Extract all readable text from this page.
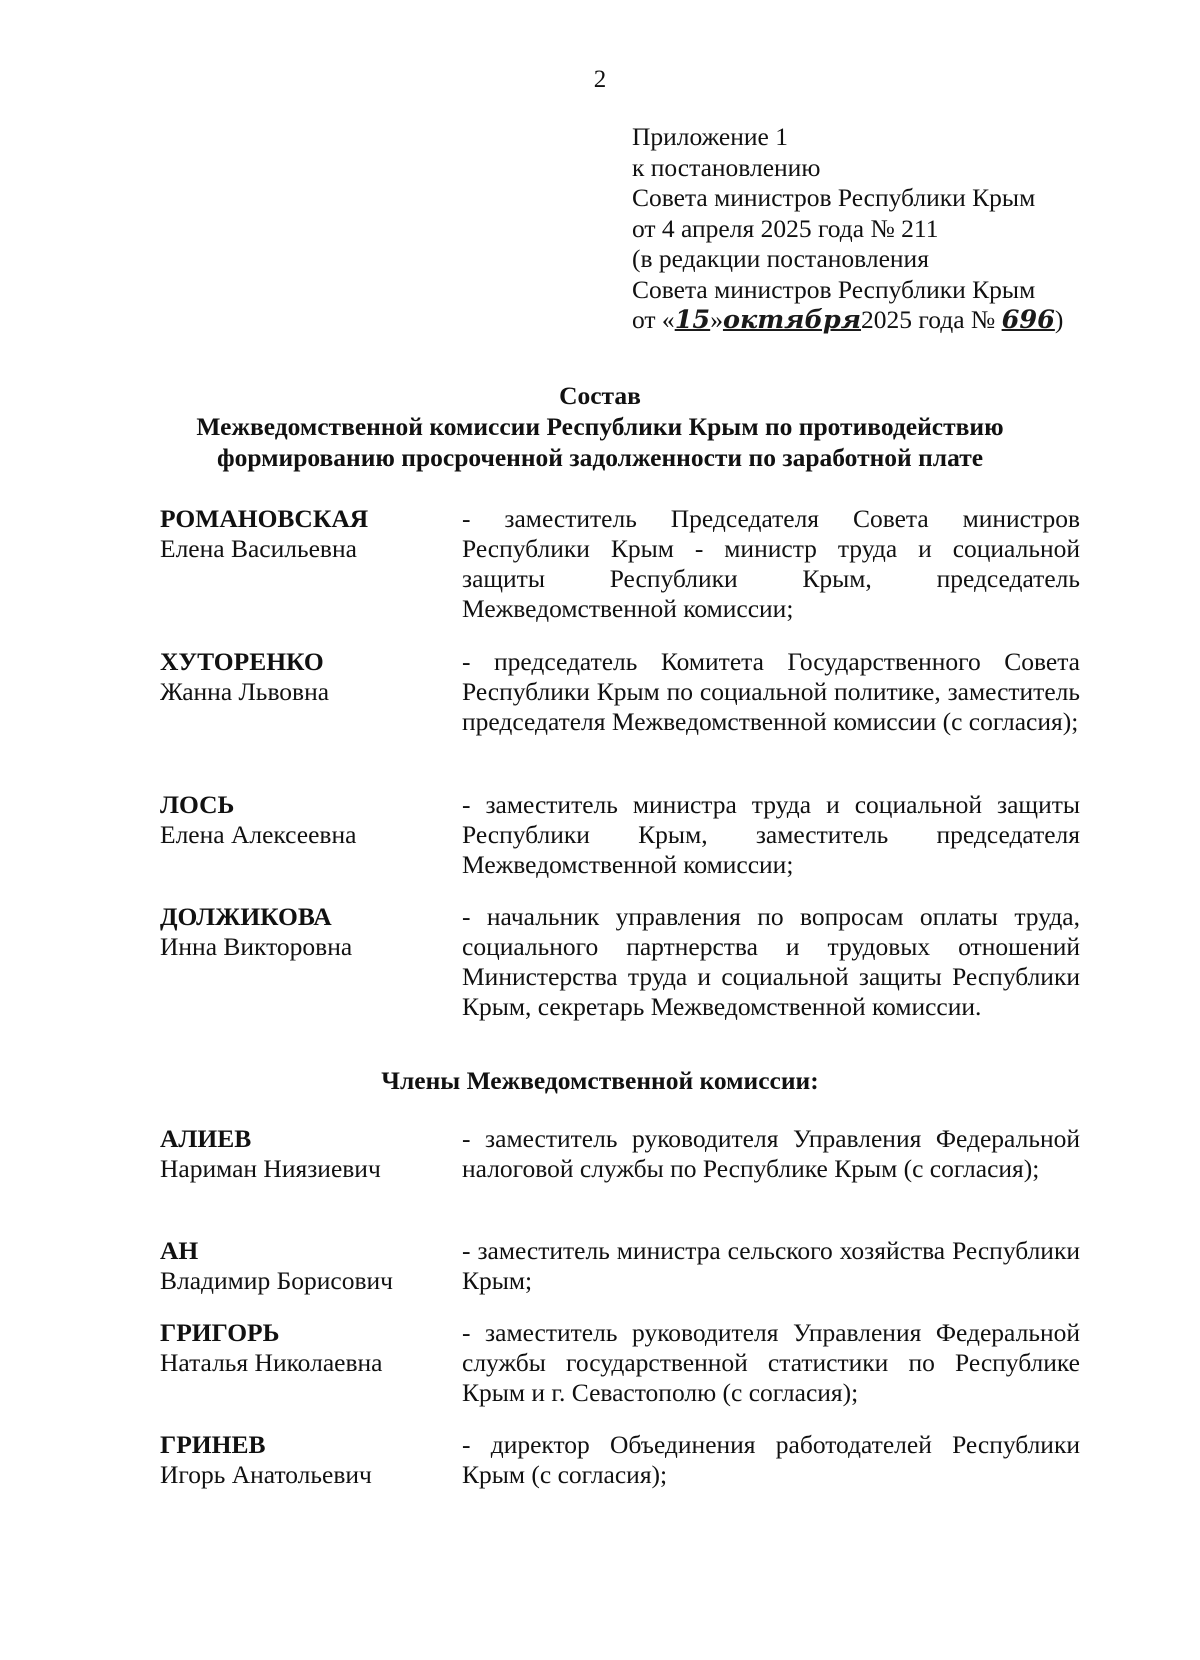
2
Приложение 1
к постановлению
Совета министров Республики Крым
от 4 апреля 2025 года № 211
(в редакции постановления
Совета министров Республики Крым
от «15»октября2025 года № 696)
Состав
Межведомственной комиссии Республики Крым по противодействию
формированию просроченной задолженности по заработной плате
РОМАНОВСКАЯ
Елена Васильевна
- заместитель Председателя Совета министров Республики Крым - министр труда и социальной защиты Республики Крым, председатель Межведомственной комиссии;
ХУТОРЕНКО
Жанна Львовна
- председатель Комитета Государственного Совета Республики Крым по социальной политике, заместитель председателя Межведомственной комиссии (с согласия);
ЛОСЬ
Елена Алексеевна
- заместитель министра труда и социальной защиты Республики Крым, заместитель председателя Межведомственной комиссии;
ДОЛЖИКОВА
Инна Викторовна
- начальник управления по вопросам оплаты труда, социального партнерства и трудовых отношений Министерства труда и социальной защиты Республики Крым, секретарь Межведомственной комиссии.
Члены Межведомственной комиссии:
АЛИЕВ
Нариман Ниязиевич
- заместитель руководителя Управления Федеральной налоговой службы по Республике Крым (с согласия);
АН
Владимир Борисович
- заместитель министра сельского хозяйства Республики Крым;
ГРИГОРЬ
Наталья Николаевна
- заместитель руководителя Управления Федеральной службы государственной статистики по Республике Крым и г. Севастополю (с согласия);
ГРИНЕВ
Игорь Анатольевич
- директор Объединения работодателей Республики Крым (с согласия);
